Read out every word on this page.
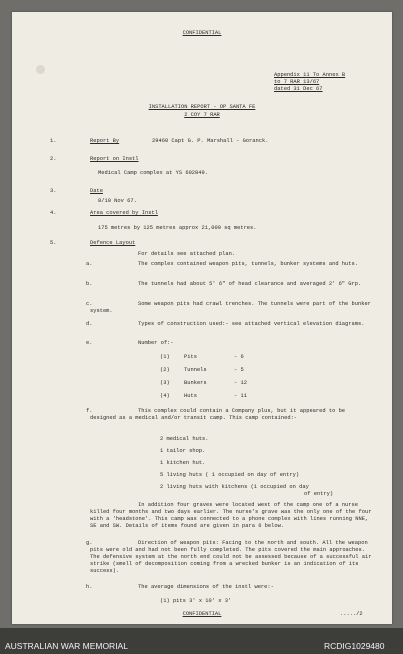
CONFIDENTIAL
Appendix 11 To Annex B
to 7 RAR 13/67
dated 31 Dec 67
INSTALLATION REPORT - OP SANTA FE
2 COY 7 RAR
1.	Report By	29460 Capt G. P. Marshall - Goranck.
2.	Report on Instl
Medical Camp complex at YS 602849.
3.	Date
8/10 Nov 67.
4.	Area covered by Instl
175 metres by 125 metres approx 21,000 sq metres.
5.	Defence Layout
For details see attached plan.
a.	The complex contained weapon pits, tunnels, bunker systems and huts.
b.	The tunnels had about 5' 6" of head clearance and averaged 2' 6" Grp.
c.	Some weapon pits had crawl trenches. The tunnels were part of the bunker system.
d.	Types of construction used:- see attached vertical elevation diagrams.
e.	Number of:-
(1)	Pits	- 6
(2)	Tunnels	- 5
(3)	Bunkers	- 12
(4)	Huts	- 11
f.	This complex could contain a Company plus, but it appeared to be designed as a medical and/or transit camp. This camp contained:-
2 medical huts.
1 tailor shop.
1 kitchen hut.
5 living huts ( 1 occupied on day of entry)
2 living huts with kitchens (1 occupied on day
of entry)
In addition four graves were located west of the camp one of a nurse killed four months and two days earlier. The nurse's grave was the only one of the four with a 'headstone'. This camp was connected to a phone complex with lines running NNE, SE and SW. Details of items found are given in para 6 below.
g.	Direction of weapon pits: Facing to the north and south. All the weapon pits were old and had not been fully completed. The pits covered the main approaches. The defensive system at the north end could not be assessed because of a successful air strike (smell of decomposition coming from a wrecked bunker is an indication of its success).
h.	The average dimensions of the instl were:-
(1) pits 3' x 10' x 3'
CONFIDENTIAL	...../2
AUSTRALIAN WAR MEMORIAL	RCDIG1029480
